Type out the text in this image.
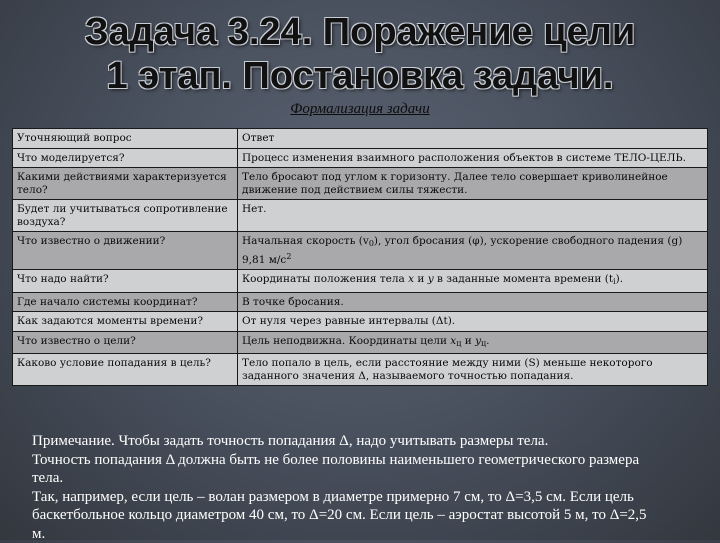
Задача 3.24. Поражение цели
1 этап. Постановка задачи.
Формализация задачи
Уточняющий вопрос	Ответ
Что моделируется?	Процесс изменения взаимного расположения объектов в системе ТЕЛО-ЦЕЛЬ.
Какими действиями характеризуется тело?	Тело бросают под углом к горизонту. Далее тело совершает криволинейное движение под действием силы тяжести.
Будет ли учитываться сопротивление воздуха?	Нет.
Что известно о движении?	Начальная скорость $(v_0)$, угол бросания (φ), ускорение свободного падения (g) 9,81 $м/с^2$
Что надо найти?	Координаты положения тела x и y в заданные момента времени $(t_i)$.
Где начало системы координат?	В точке бросания.
Как задаются моменты времени?	От нуля через равные интервалы (Δt).
Что известно о цели?	Цель неподвижна. Координаты цели $x_ц$ и $y_ц$.
Каково условие попадания в цель?	Тело попало в цель, если расстояние между ними (S) меньше некоторого заданного значения Δ, называемого точностью попадания.
Примечание. Чтобы задать точность попадания Δ, надо учитывать размеры тела.
Точность попадания Δ должна быть не более половины наименьшего геометрического размера
тела.
Так, например, если цель – волан размером в диаметре примерно 7 см, то Δ=3,5 см. Если цель
баскетбольное кольцо диаметром 40 см, то Δ=20 см. Если цель – аэростат высотой 5 м, то Δ=2,5
м.
